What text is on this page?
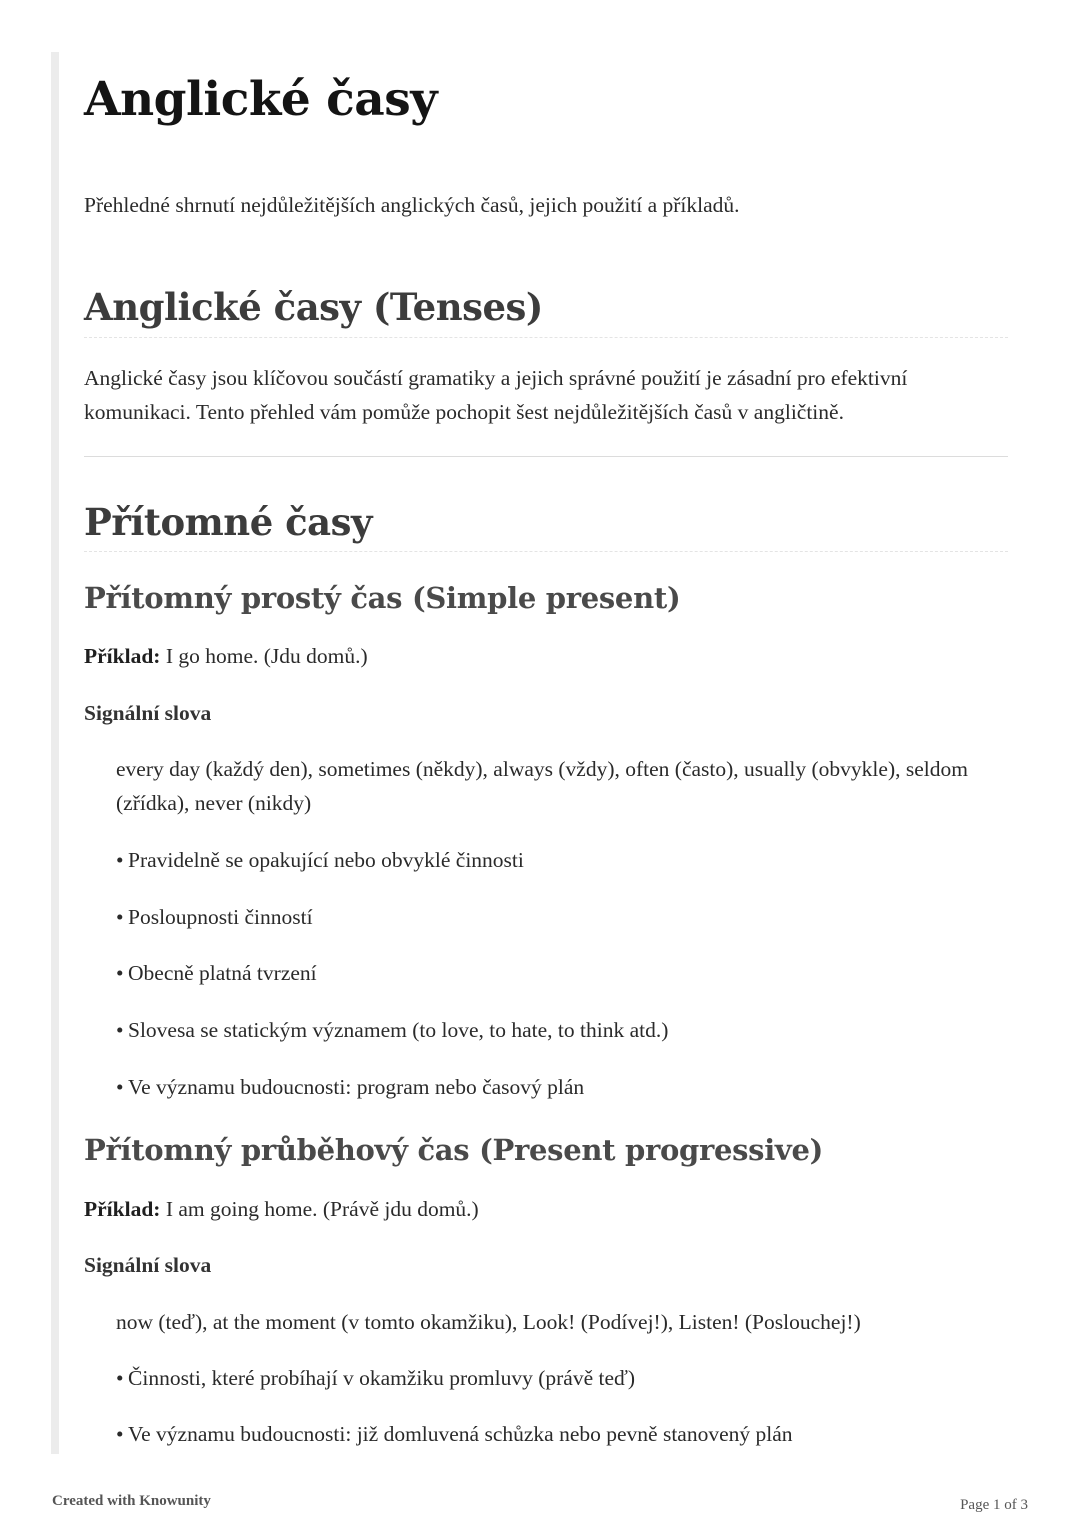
Anglické časy

Přehledné shrnutí nejdůležitějších anglických časů, jejich použití a příkladů.

Anglické časy (Tenses)

Anglické časy jsou klíčovou součástí gramatiky a jejich správné použití je zásadní pro efektivní komunikaci. Tento přehled vám pomůže pochopit šest nejdůležitějších časů v angličtině.

Přítomné časy
Přítomný prostý čas (Simple present)

Příklad: I go home. (Jdu domů.)

Signální slova

every day (každý den), sometimes (někdy), always (vždy), often (často), usually (obvykle), seldom (zřídka), never (nikdy)

• Pravidelně se opakující nebo obvyklé činnosti

• Posloupnosti činností

• Obecně platná tvrzení

• Slovesa se statickým významem (to love, to hate, to think atd.)

• Ve významu budoucnosti: program nebo časový plán

Přítomný průběhový čas (Present progressive)

Příklad: I am going home. (Právě jdu domů.)

Signální slova

now (teď), at the moment (v tomto okamžiku), Look! (Podívej!), Listen! (Poslouchej!)

• Činnosti, které probíhají v okamžiku promluvy (právě teď)

• Ve významu budoucnosti: již domluvená schůzka nebo pevně stanovený plán

Created with Knowunity	Page 1 of 3
